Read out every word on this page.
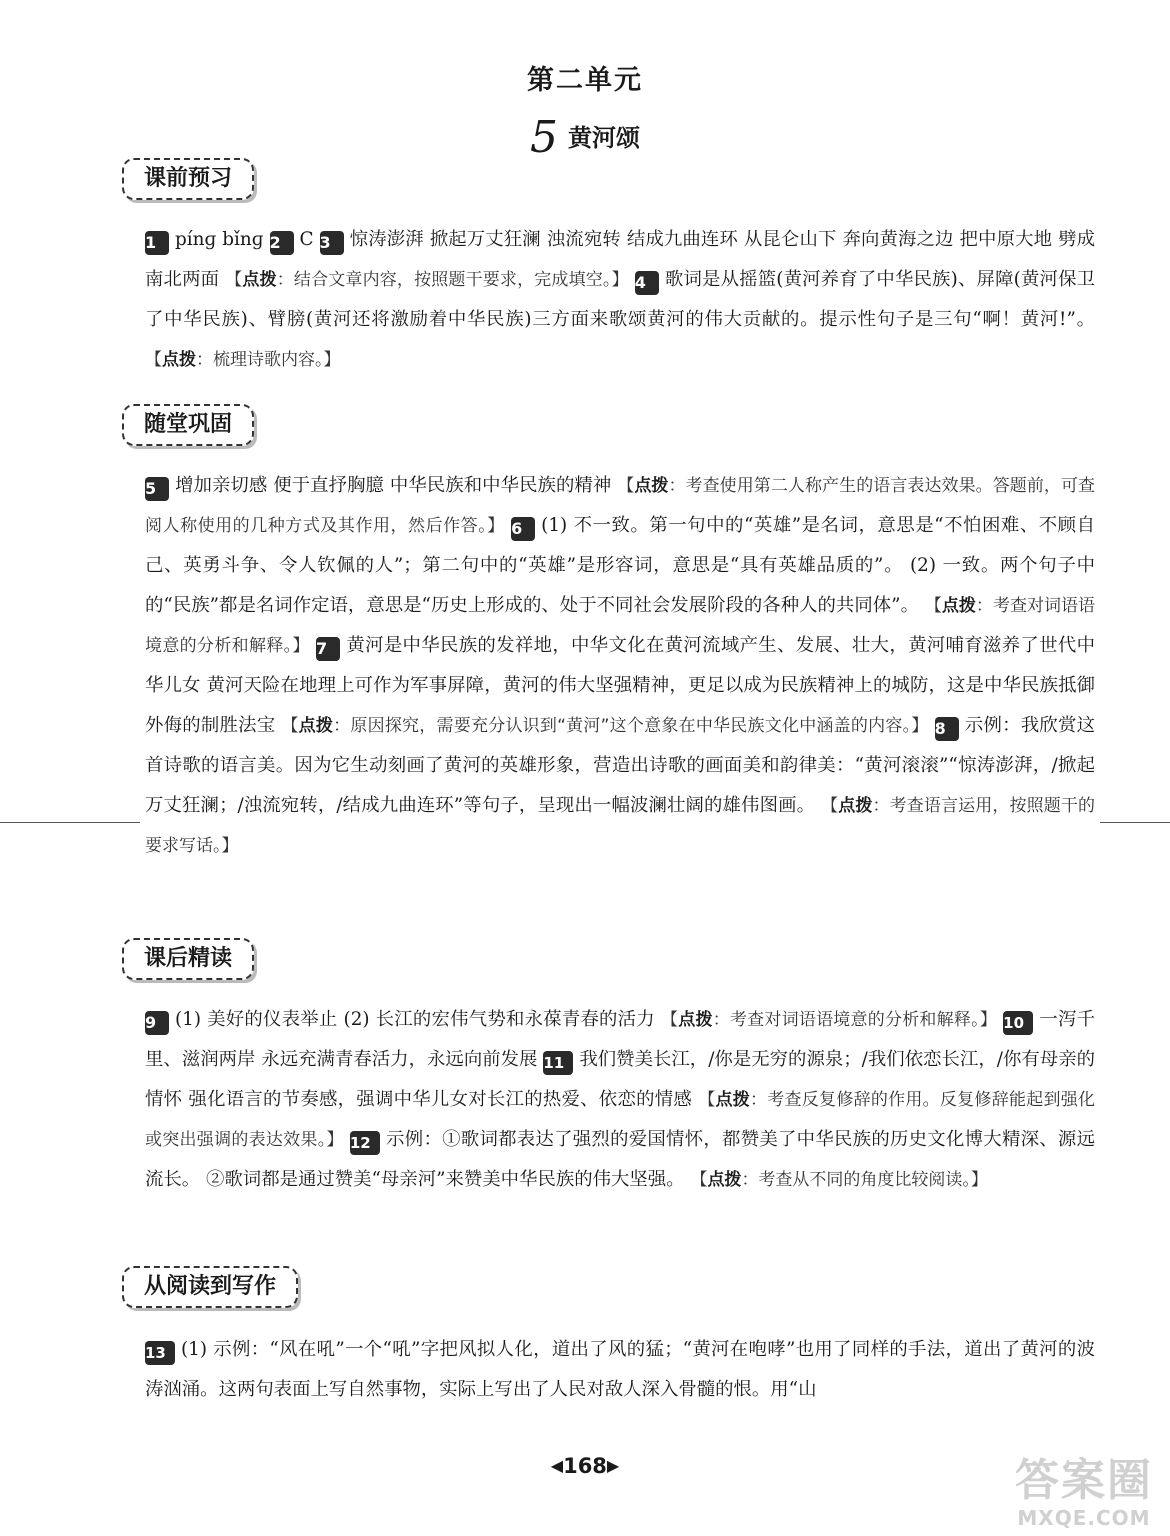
第二单元
5 黄河颂
课前预习

1 pínɡ bǐnɡ 2 C 3 惊涛澎湃 掀起万丈狂澜 浊流宛转 结成九曲连环 从昆仑山下 奔向黄海之边 把中原大地 劈成南北两面 【点拨：结合文章内容，按照题干要求，完成填空。】 4 歌词是从摇篮(黄河养育了中华民族)、屏障(黄河保卫了中华民族)、臂膀(黄河还将激励着中华民族)三方面来歌颂黄河的伟大贡献的。提示性句子是三句“啊！黄河!”。 【点拨：梳理诗歌内容。】

随堂巩固

5 增加亲切感 便于直抒胸臆 中华民族和中华民族的精神 【点拨：考查使用第二人称产生的语言表达效果。答题前，可查阅人称使用的几种方式及其作用，然后作答。】 6 (1) 不一致。第一句中的“英雄”是名词，意思是“不怕困难、不顾自己、英勇斗争、令人钦佩的人”；第二句中的“英雄”是形容词，意思是“具有英雄品质的”。 (2) 一致。两个句子中的“民族”都是名词作定语，意思是“历史上形成的、处于不同社会发展阶段的各种人的共同体”。 【点拨：考查对词语语境意的分析和解释。】 7 黄河是中华民族的发祥地，中华文化在黄河流域产生、发展、壮大，黄河哺育滋养了世代中华儿女 黄河天险在地理上可作为军事屏障，黄河的伟大坚强精神，更足以成为民族精神上的城防，这是中华民族抵御外侮的制胜法宝 【点拨：原因探究，需要充分认识到“黄河”这个意象在中华民族文化中涵盖的内容。】 8 示例：我欣赏这首诗歌的语言美。因为它生动刻画了黄河的英雄形象，营造出诗歌的画面美和韵律美：“黄河滚滚”“惊涛澎湃，/掀起万丈狂澜；/浊流宛转，/结成九曲连环”等句子，呈现出一幅波澜壮阔的雄伟图画。 【点拨：考查语言运用，按照题干的要求写话。】

课后精读

9 (1) 美好的仪表举止 (2) 长江的宏伟气势和永葆青春的活力 【点拨：考查对词语语境意的分析和解释。】 10 一泻千里、滋润两岸 永远充满青春活力，永远向前发展 11 我们赞美长江，/你是无穷的源泉；/我们依恋长江，/你有母亲的情怀 强化语言的节奏感，强调中华儿女对长江的热爱、依恋的情感 【点拨：考查反复修辞的作用。反复修辞能起到强化或突出强调的表达效果。】 12 示例：①歌词都表达了强烈的爱国情怀，都赞美了中华民族的历史文化博大精深、源远流长。 ②歌词都是通过赞美“母亲河”来赞美中华民族的伟大坚强。 【点拨：考查从不同的角度比较阅读。】

从阅读到写作

13 (1) 示例：“风在吼”一个“吼”字把风拟人化，道出了风的猛；“黄河在咆哮”也用了同样的手法，道出了黄河的波涛汹涌。这两句表面上写自然事物，实际上写出了人民对敌人深入骨髓的恨。用“山

◀168▶	答案圈
MXQE.COM
